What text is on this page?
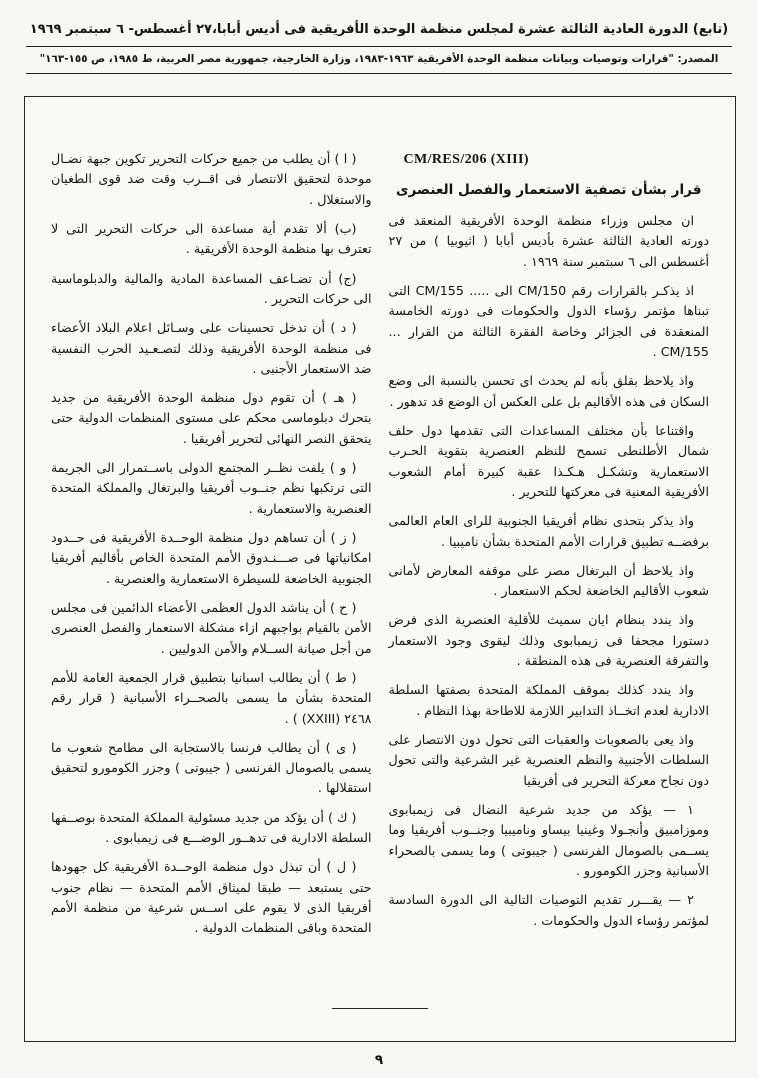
(تابع) الدورة العادية الثالثة عشرة لمجلس منظمة الوحدة الأفريقية فى أديس أبابا،٢٧ أغسطس- ٦ سبتمبر ١٩٦٩
المصدر: "قرارات وتوصيات وبيانات منظمة الوحدة الأفريقية ١٩٦٣-١٩٨٣، وزارة الخارجية، جمهورية مصر العربية، ط ١٩٨٥، ص ١٥٥-١٦٣"

CM/RES/206 (XIII)

قرار بشأن تصفية الاستعمار والفصل العنصرى

ان مجلس وزراء منظمة الوحدة الأفريقية المنعقد فى دورته العادية الثالثة عشرة بأديس أبابا ( اثيوبيا ) من ٢٧ أغسطس الى ٦ سبتمبر سنة ١٩٦٩ .

اذ يذكـر بالقرارات رقم CM/150 الى ..... CM/155 التى تبناها مؤتمر رؤساء الدول والحكومات فى دورته الخامسة المنعقدة فى الجزائر وخاصة الفقرة الثالثة من القرار ... CM/155 .

واذ يلاحظ بقلق بأنه لم يحدث اى تحسن بالنسبة الى وضع السكان فى هذه الأقاليم بل على العكس أن الوضع قد تدهور .

واقتناعا بأن مختلف المساعدات التى تقدمها دول حلف شمال الأطلنطى تسمح للنظم العنصرية بتقوية الحـرب الاستعمارية وتشكـل هـكـذا عقبة كبيرة أمام الشعوب الأفريقية المعنية فى معركتها للتحرير .

واذ يذكر بتحدى نظام أفريقيا الجنوبية للراى العام العالمى برفضــه تطبيق قرارات الأمم المتحدة بشأن ناميبيا .

واذ يلاحظ أن البرتغال مصر على موقفه المعارض لأمانى شعوب الأقاليم الخاضعة لحكم الاستعمار .

واذ يندد بنظام ايان سميث للأقلية العنصرية الذى فرض دستورا مجحفا فى زيمبابوى وذلك ليقوى وجود الاستعمار والتفرقة العنصرية فى هذه المنطقة .

واذ يندد كذلك بموقف المملكة المتحدة بصفتها السلطة الادارية لعدم اتخــاذ التدابير اللازمة للاطاحة بهذا النظام .

واذ يعى بالصعوبات والعقبات التى تحول دون الانتصار على السلطات الأجنبية والنظم العنصرية غير الشرعية والتى تحول دون نجاح معركة التحرير فى أفريقيا

١ — يؤكد من جديد شرعية النضال فى زيمبابوى وموزامبيق وأنجـولا وغينيا بيساو وناميبيا وجنــوب أفريقيا وما يســمى بالصومال الفرنسى ( جيبوتى ) وما يسمى بالصحراء الأسبانية وجزر الكومورو .

٢ — يقـــرر تقديم التوصيات التالية الى الدورة السادسة لمؤتمر رؤساء الدول والحكومات .

( ا ) أن يطلب من جميع حركات التحرير تكوين جبهة نضـال موحدة لتحقيق الانتصار فى اقــرب وقت ضد قوى الطغيان والاستغلال .

(ب) ألا تقدم أية مساعدة الى حركات التحرير التى لا تعترف بها منظمة الوحدة الأفريقية .

(ج) أن تضـاعف المساعدة المادية والمالية والدبلوماسية الى حركات التحرير .

( د ) أن تدخل تحسينات على وسـائل اعلام البلاد الأعضاء فى منظمة الوحدة الأفريقية وذلك لتصـعـيد الحرب النفسية ضد الاستعمار الأجنبى .

( هـ ) أن تقوم دول منظمة الوحدة الأفريقية من جديد بتحرك دبلوماسى محكم على مستوى المنظمات الدولية حتى يتحقق النصر النهائى لتحرير أفريقيا .

( و ) يلفت نظــر المجتمع الدولى باســتمرار الى الجريمة التى ترتكبها نظم جنــوب أفريقيا والبرتغال والمملكة المتحدة العنصرية والاستعمارية .

( ز ) أن تساهم دول منظمة الوحــدة الأفريقية فى حــدود امكانياتها فى صـــنـدوق الأمم المتحدة الخاص بأقاليم أفريقيا الجنوبية الخاضعة للسيطرة الاستعمارية والعنصرية .

( ح ) أن يناشد الدول العظمى الأعضاء الدائمين فى مجلس الأمن بالقيام بواجبهم ازاء مشكلة الاستعمار والفصل العنصرى من أجل صيانة الســلام والأمن الدوليين .

( ط ) أن يطالب اسبانيا بتطبيق قرار الجمعية العامة للأمم المتحدة بشأن ما يسمى بالصحــراء الأسبانية ( قرار رقم ٢٤٦٨ (XXIII) ) .

( ى ) أن يطالب فرنسا بالاستجابة الى مطامح شعوب ما يسمى بالصومال الفرنسى ( جيبوتى ) وجزر الكومورو لتحقيق استقلالها .

( ك ) أن يؤكد من جديد مسئولية المملكة المتحدة بوصــفها السلطة الادارية فى تدهــور الوضـــع فى زيمبابوى .

( ل ) أن تبذل دول منظمة الوحــدة الأفريقية كل جهودها حتى يستبعد — طبقا لميثاق الأمم المتحدة — نظام جنوب أفريقيا الذى لا يقوم على اســس شرعية من منظمة الأمم المتحدة وباقى المنظمات الدولية .

٩
